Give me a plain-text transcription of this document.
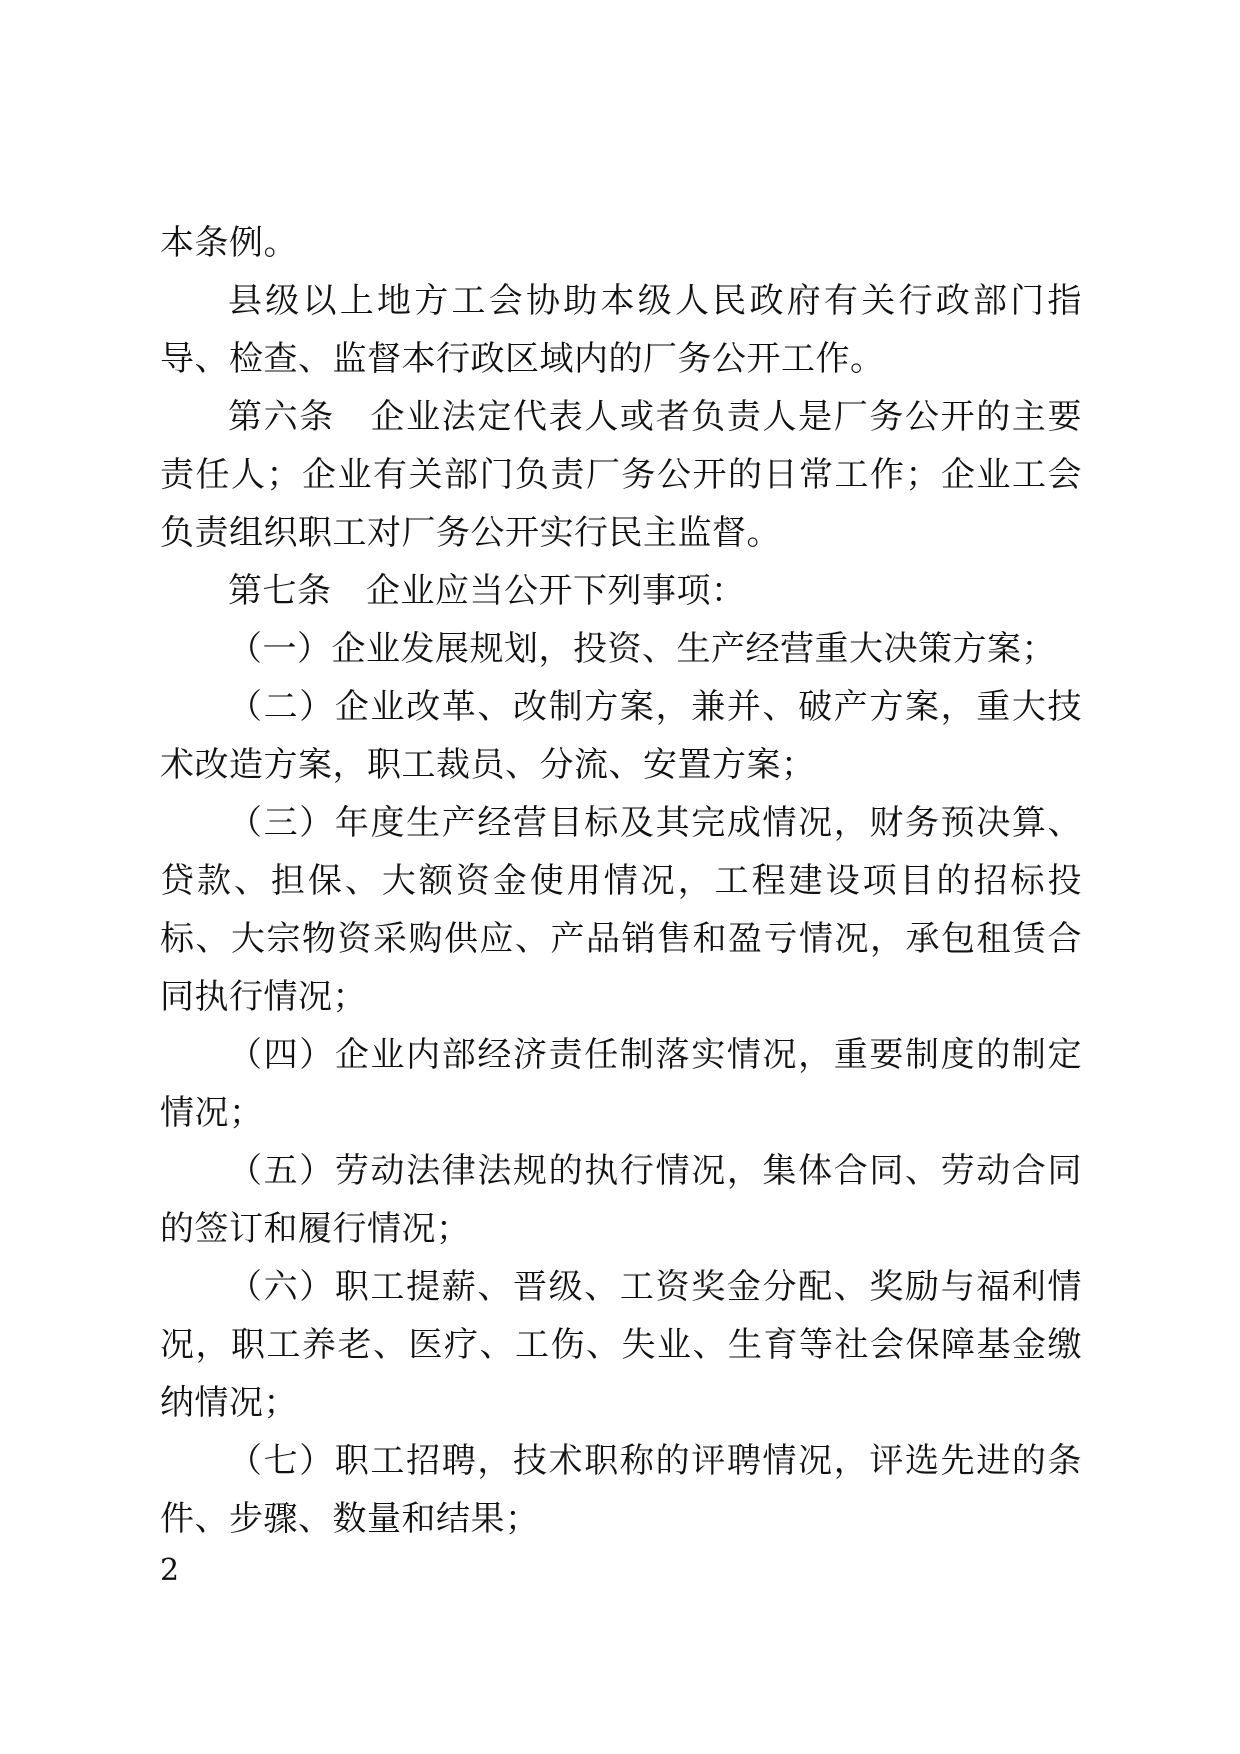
本条例。

县级以上地方工会协助本级人民政府有关行政部门指导、检查、监督本行政区域内的厂务公开工作。

第六条　企业法定代表人或者负责人是厂务公开的主要责任人；企业有关部门负责厂务公开的日常工作；企业工会负责组织职工对厂务公开实行民主监督。

第七条　企业应当公开下列事项：

（一）企业发展规划，投资、生产经营重大决策方案；

（二）企业改革、改制方案，兼并、破产方案，重大技术改造方案，职工裁员、分流、安置方案；

（三）年度生产经营目标及其完成情况，财务预决算、贷款、担保、大额资金使用情况，工程建设项目的招标投标、大宗物资采购供应、产品销售和盈亏情况，承包租赁合同执行情况；

（四）企业内部经济责任制落实情况，重要制度的制定情况；

（五）劳动法律法规的执行情况，集体合同、劳动合同的签订和履行情况；

（六）职工提薪、晋级、工资奖金分配、奖励与福利情况，职工养老、医疗、工伤、失业、生育等社会保障基金缴纳情况；

（七）职工招聘，技术职称的评聘情况，评选先进的条件、步骤、数量和结果；

2
